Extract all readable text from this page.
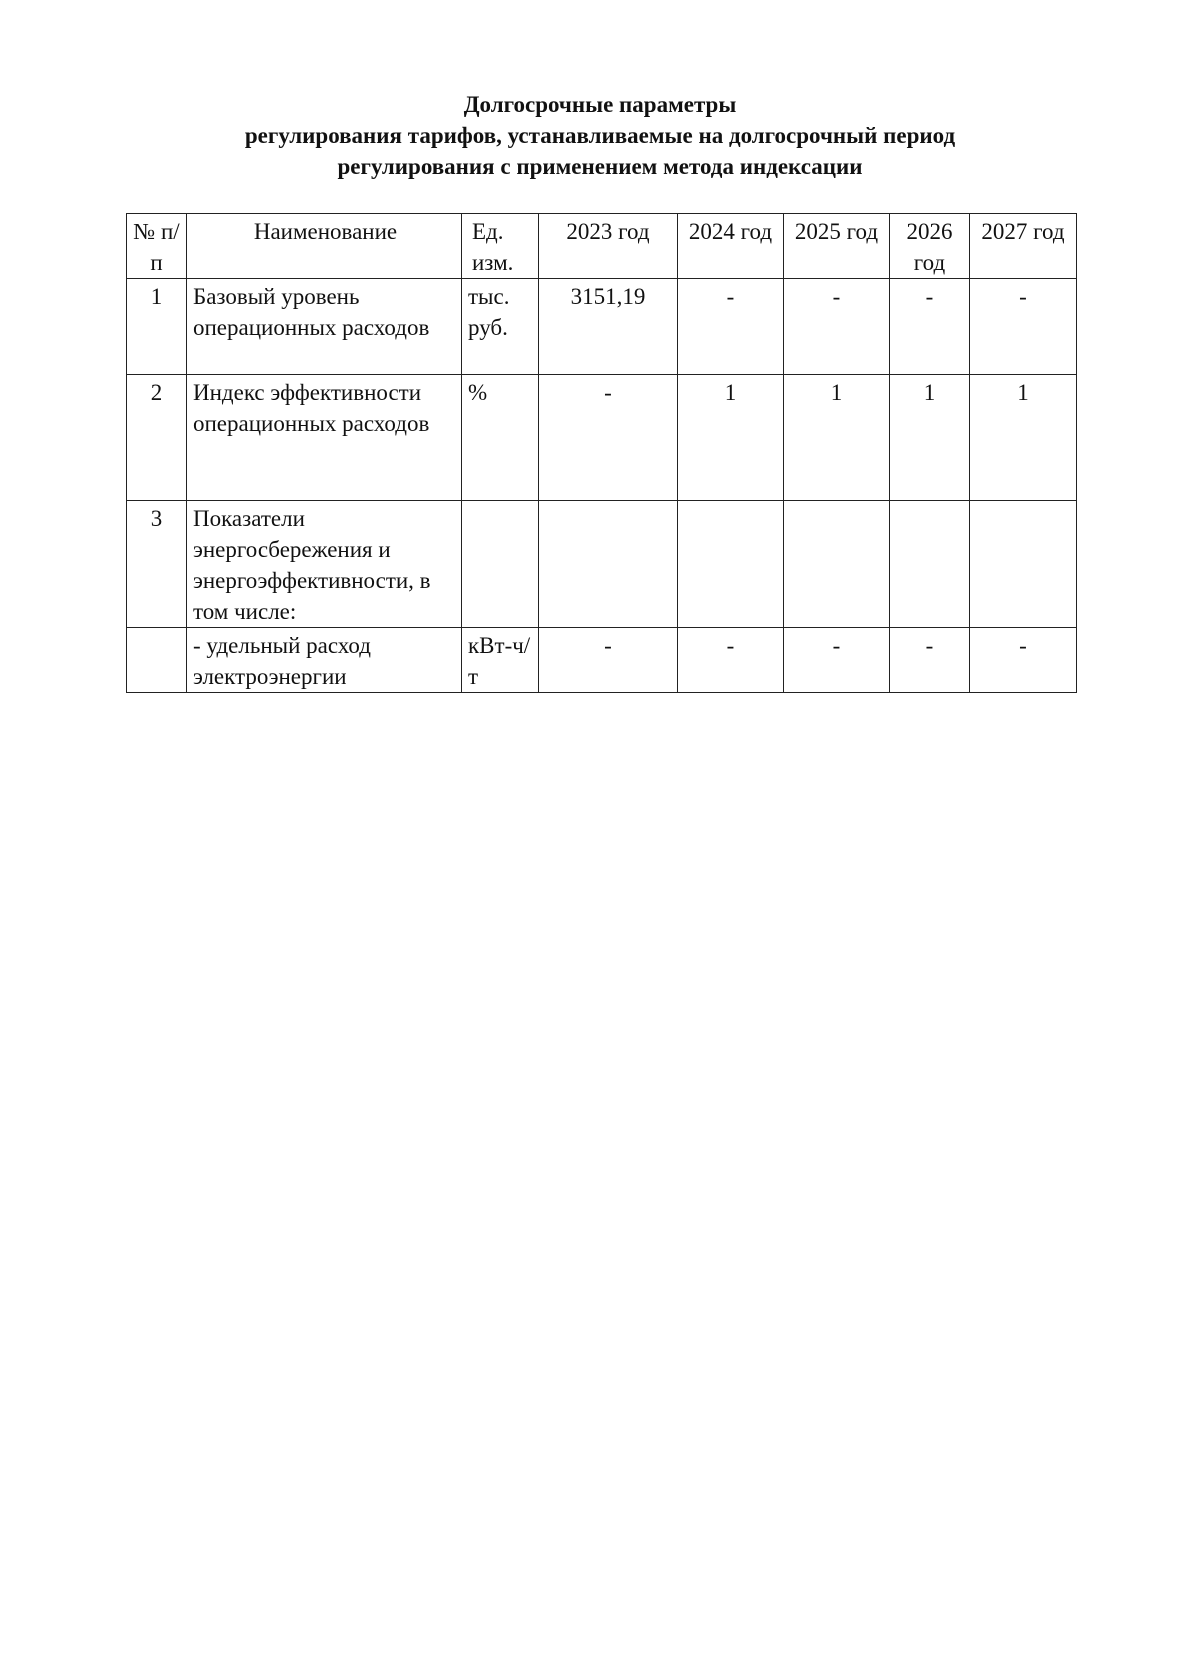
Долгосрочные параметры
регулирования тарифов, устанавливаемые на долгосрочный период
регулирования с применением метода индексации
№ п/п	Наименование	Ед. изм.	2023 год	2024 год	2025 год	2026 год	2027 год
1	Базовый уровень операционных расходов	тыс. руб.	3151,19	-	-	-	-
2	Индекс эффективности операционных расходов	%	-	1	1	1	1
3	Показатели энергосбережения и энергоэффективности, в том числе:						
	- удельный расход электроэнергии	кВт-ч/т	-	-	-	-	-
